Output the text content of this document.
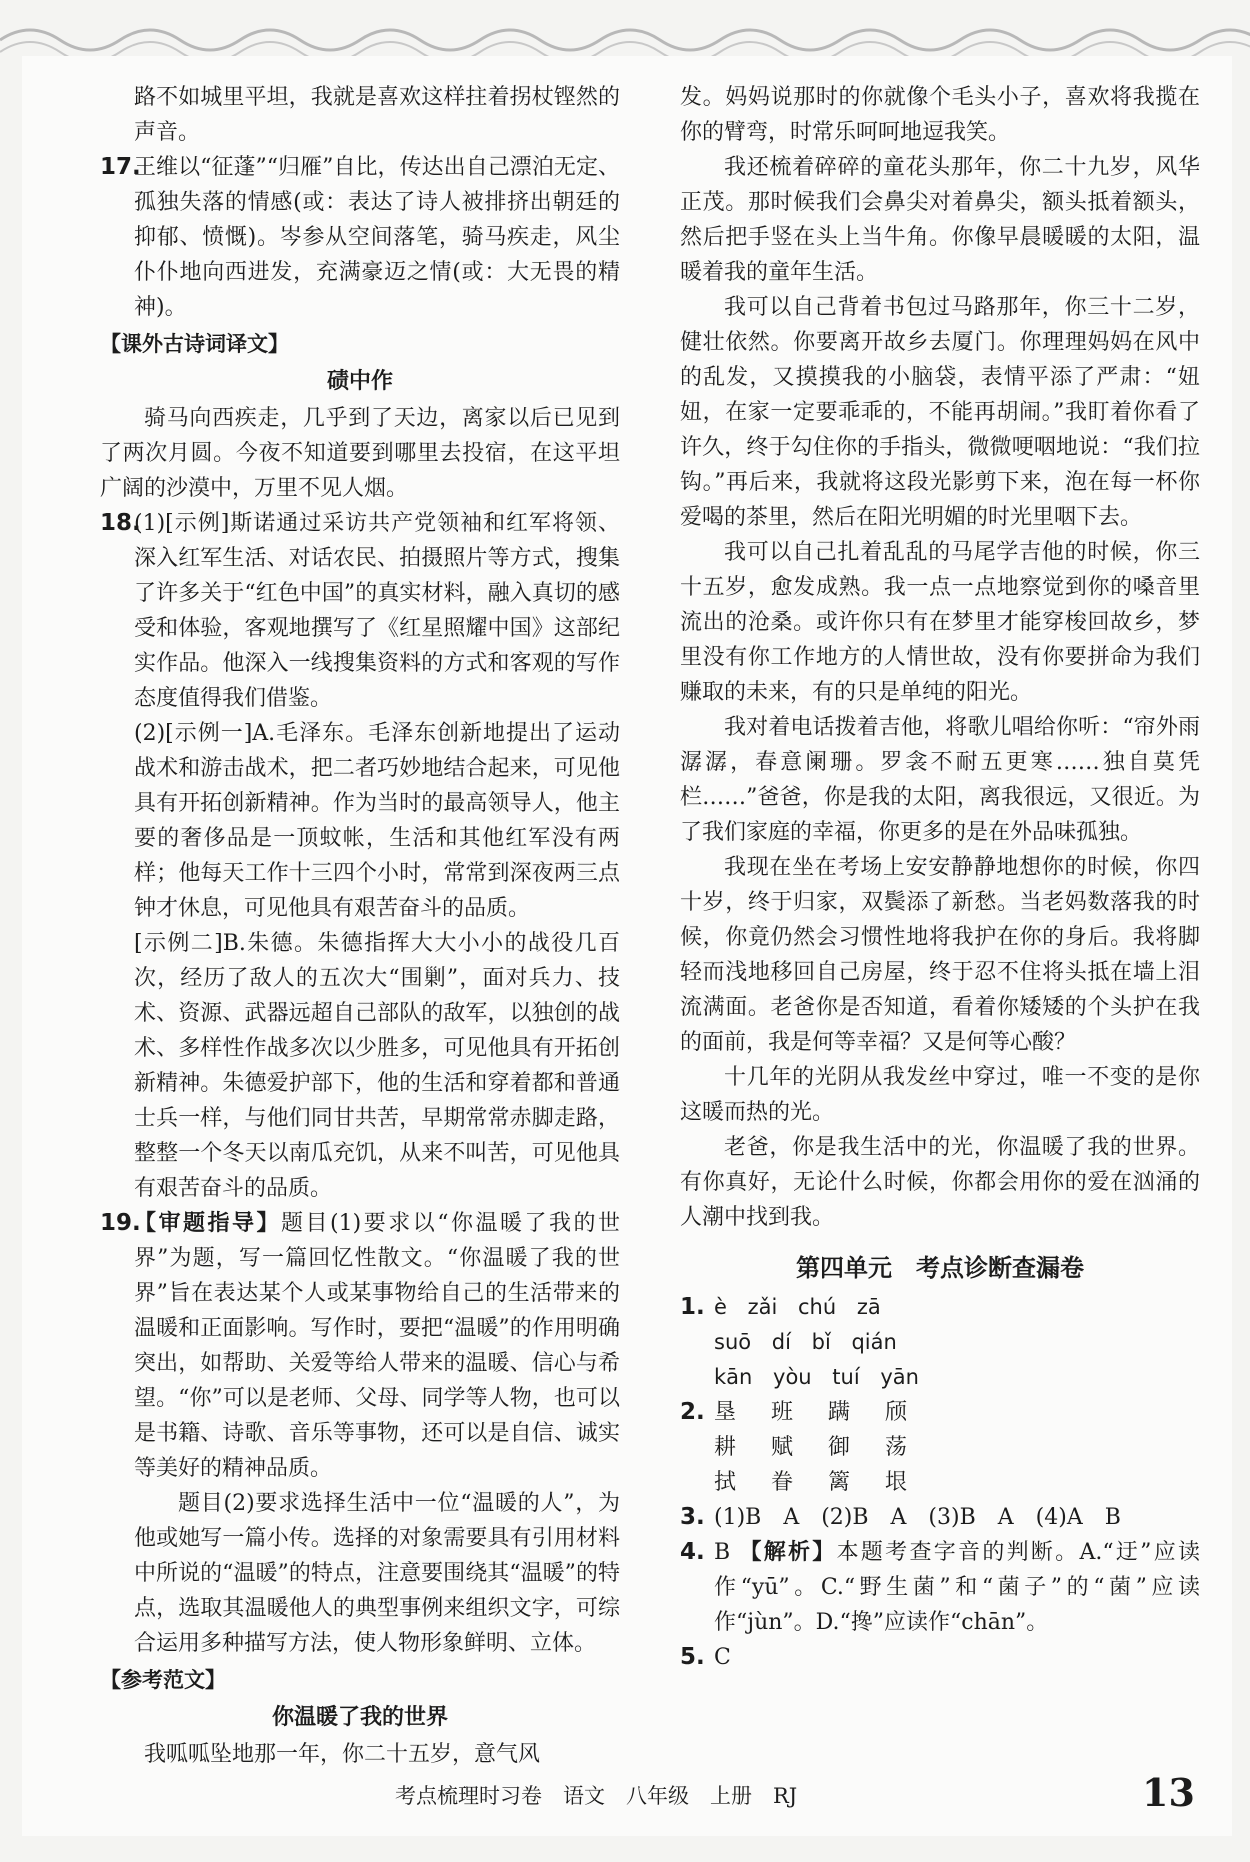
路不如城里平坦，我就是喜欢这样拄着拐杖铿然的声音。

17.

王维以“征蓬”“归雁”自比，传达出自己漂泊无定、孤独失落的情感(或：表达了诗人被排挤出朝廷的抑郁、愤慨)。岑参从空间落笔，骑马疾走，风尘仆仆地向西进发，充满豪迈之情(或：大无畏的精神)。

【课外古诗词译文】
碛中作

骑马向西疾走，几乎到了天边，离家以后已见到了两次月圆。今夜不知道要到哪里去投宿，在这平坦广阔的沙漠中，万里不见人烟。

18.

(1)[示例]斯诺通过采访共产党领袖和红军将领、深入红军生活、对话农民、拍摄照片等方式，搜集了许多关于“红色中国”的真实材料，融入真切的感受和体验，客观地撰写了《红星照耀中国》这部纪实作品。他深入一线搜集资料的方式和客观的写作态度值得我们借鉴。

(2)[示例一]A.毛泽东。毛泽东创新地提出了运动战术和游击战术，把二者巧妙地结合起来，可见他具有开拓创新精神。作为当时的最高领导人，他主要的奢侈品是一顶蚊帐，生活和其他红军没有两样；他每天工作十三四个小时，常常到深夜两三点钟才休息，可见他具有艰苦奋斗的品质。

[示例二]B.朱德。朱德指挥大大小小的战役几百次，经历了敌人的五次大“围剿”，面对兵力、技术、资源、武器远超自己部队的敌军，以独创的战术、多样性作战多次以少胜多，可见他具有开拓创新精神。朱德爱护部下，他的生活和穿着都和普通士兵一样，与他们同甘共苦，早期常常赤脚走路，整整一个冬天以南瓜充饥，从来不叫苦，可见他具有艰苦奋斗的品质。

19.

【审题指导】题目(1)要求以“你温暖了我的世界”为题，写一篇回忆性散文。“你温暖了我的世界”旨在表达某个人或某事物给自己的生活带来的温暖和正面影响。写作时，要把“温暖”的作用明确突出，如帮助、关爱等给人带来的温暖、信心与希望。“你”可以是老师、父母、同学等人物，也可以是书籍、诗歌、音乐等事物，还可以是自信、诚实等美好的精神品质。

题目(2)要求选择生活中一位“温暖的人”，为他或她写一篇小传。选择的对象需要具有引用材料中所说的“温暖”的特点，注意要围绕其“温暖”的特点，选取其温暖他人的典型事例来组织文字，可综合运用多种描写方法，使人物形象鲜明、立体。

【参考范文】
你温暖了我的世界

我呱呱坠地那一年，你二十五岁，意气风

发。妈妈说那时的你就像个毛头小子，喜欢将我揽在你的臂弯，时常乐呵呵地逗我笑。

我还梳着碎碎的童花头那年，你二十九岁，风华正茂。那时候我们会鼻尖对着鼻尖，额头抵着额头，然后把手竖在头上当牛角。你像早晨暖暖的太阳，温暖着我的童年生活。

我可以自己背着书包过马路那年，你三十二岁，健壮依然。你要离开故乡去厦门。你理理妈妈在风中的乱发，又摸摸我的小脑袋，表情平添了严肃：“妞妞，在家一定要乖乖的，不能再胡闹。”我盯着你看了许久，终于勾住你的手指头，微微哽咽地说：“我们拉钩。”再后来，我就将这段光影剪下来，泡在每一杯你爱喝的茶里，然后在阳光明媚的时光里咽下去。

我可以自己扎着乱乱的马尾学吉他的时候，你三十五岁，愈发成熟。我一点一点地察觉到你的嗓音里流出的沧桑。或许你只有在梦里才能穿梭回故乡，梦里没有你工作地方的人情世故，没有你要拼命为我们赚取的未来，有的只是单纯的阳光。

我对着电话拨着吉他，将歌儿唱给你听：“帘外雨潺潺，春意阑珊。罗衾不耐五更寒……独自莫凭栏……”爸爸，你是我的太阳，离我很远，又很近。为了我们家庭的幸福，你更多的是在外品味孤独。

我现在坐在考场上安安静静地想你的时候，你四十岁，终于归家，双鬓添了新愁。当老妈数落我的时候，你竟仍然会习惯性地将我护在你的身后。我将脚轻而浅地移回自己房屋，终于忍不住将头抵在墙上泪流满面。老爸你是否知道，看着你矮矮的个头护在我的面前，我是何等幸福？又是何等心酸？

十几年的光阴从我发丝中穿过，唯一不变的是你这暖而热的光。

老爸，你是我生活中的光，你温暖了我的世界。有你真好，无论什么时候，你都会用你的爱在汹涌的人潮中找到我。

第四单元　考点诊断查漏卷
1. è zǎi chú zā
suō dí bǐ qián
kān yòu tuí yān
2. 垦 班 蹒 颀
耕 赋 御 荡
拭 眷 篱 垠
3. (1)B　A　(2)B　A　(3)B　A　(4)A　B
4. B 【解析】本题考查字音的判断。A.“迂”应读作“yū”。C.“野生菌”和“菌子”的“菌”应读作“jùn”。D.“搀”应读作“chān”。

5. C
考点梳理时习卷　语文　八年级　上册　RJ	13
